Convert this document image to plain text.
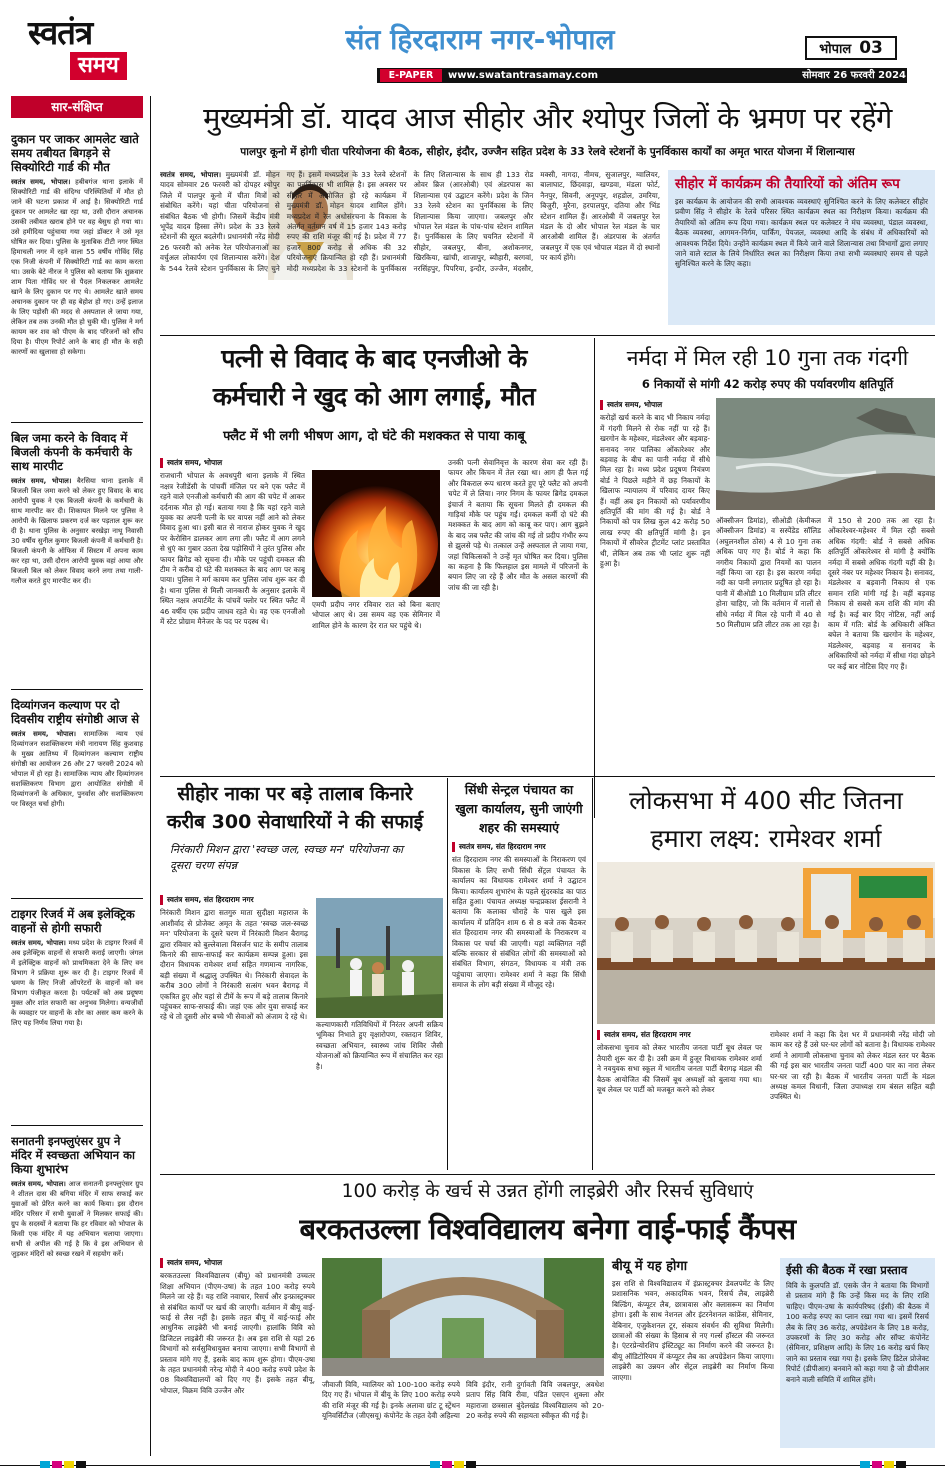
स्वतंत्र
समय
संत हिरदाराम नगर-भोपाल	भोपाल 03
E-PAPER	www.swatantrasamay.com	सोमवार 26 फरवरी 2024
सार-संक्षिप्त
दुकान पर जाकर आमलेट खाते समय तबीयत बिगड़ने से सिक्योरिटी गार्ड की मौत
स्वतंत्र समय, भोपाल। हबीबगंज थाना इलाके में सिक्योरिटी गार्ड की संदिग्ध परिस्थितियों में मौत हो जाने की घटना प्रकाश में आई है। सिक्योरिटी गार्ड दुकान पर आमलेट खा रहा था, उसी दौरान अचानक उसकी तबीयत खराब होने पर वह बेसुध हो गया था। उसे हमीदिया पहुंचाया गया जहां डॉक्टर ने उसे मृत घोषित कर दिया। पुलिस के मुताबिक टीटी नगर स्थित हिमाचली नगर में रहने वाला 55 वर्षीय गोविंद सिंह एक निजी कंपनी में सिक्योरिटी गार्ड का काम करता था। उसके बेटे नीरज ने पुलिस को बताया कि शुक्रवार शाम पिता गोविंद घर से पैदल निकलकर आमलेट खाने के लिए दुकान पर गए थे। आमलेट खाते समय अचानक दुकान पर ही वह बेहोश हो गए। उन्हें इलाज के लिए पड़ोसी की मदद से अस्पताल ले जाया गया, लेकिन तब तक उनकी मौत हो चुकी थी। पुलिस ने मर्ग कायम कर शव को पीएम के बाद परिजनों को सौंप दिया है। पीएम रिपोर्ट आने के बाद ही मौत के सही कारणों का खुलासा हो सकेगा।
बिल जमा करने के विवाद में बिजली कंपनी के कर्मचारी के साथ मारपीट
स्वतंत्र समय, भोपाल। बैरसिया थाना इलाके में बिजली बिल जमा करने को लेकर हुए विवाद के बाद आरोपी युवक ने एक बिजली कंपनी के कर्मचारी के साथ मारपीट कर दी। शिकायत मिलने पर पुलिस ने आरोपी के खिलाफ प्रकरण दर्ज कर पड़ताल शुरू कर दी है। थाना पुलिस के अनुसार बरखेड़ा नाथू निवासी 30 वर्षीय सुनील कुमार बिजली कंपनी में कर्मचारी है। बिजली कंपनी के ऑफिस में सिस्टम में अपना काम कर रहा था, उसी दौरान आरोपी युवक वहां आया और बिजली बिल को लेकर विवाद करने लगा तथा गाली-गलौज करते हुए मारपीट कर दी।
दिव्यांगजन कल्याण पर दो दिवसीय राष्ट्रीय संगोष्ठी आज से
स्वतंत्र समय, भोपाल। सामाजिक न्याय एवं दिव्यांगजन सशक्तिकरण मंत्री नारायण सिंह कुशवाह के मुख्य आतिथ्य में दिव्यांगजन कल्याण राष्ट्रीय संगोष्ठी का आयोजन 26 और 27 फरवरी 2024 को भोपाल में हो रहा है। सामाजिक न्याय और दिव्यांगजन सशक्तिकरण विभाग द्वारा आयोजित संगोष्ठी में दिव्यांगजनों के अधिकार, पुनर्वास और सशक्तिकरण पर विस्तृत चर्चा होगी।
टाइगर रिजर्व में अब इलेक्ट्रिक वाहनों से होगी सफारी
स्वतंत्र समय, भोपाल। मध्य प्रदेश के टाइगर रिजर्व में अब इलेक्ट्रिक वाहनों से सफारी कराई जाएगी। जंगल में इलेक्ट्रिक वाहनों को प्राथमिकता देने के लिए वन विभाग ने प्रक्रिया शुरू कर दी है। टाइगर रिजर्व में भ्रमण के लिए निजी ऑपरेटरों के वाहनों को वन विभाग पंजीकृत करता है। पर्यटकों को अब प्रदूषण मुक्त और शांत सफारी का अनुभव मिलेगा। वन्यजीवों के व्यवहार पर वाहनों के शोर का असर कम करने के लिए यह निर्णय लिया गया है।
सनातनी इनफ्लुएंसर ग्रुप ने मंदिर में स्वच्छता अभियान का किया शुभारंभ
स्वतंत्र समय, भोपाल। आज सनातनी इनफ्लुएंसर ग्रुप ने शीतल दास की बगिया मंदिर में साफ सफाई कर युवाओं को प्रेरित करने का कार्य किया। इस दौरान मंदिर परिसर में सभी युवाओं ने मिलकर सफाई की। ग्रुप के सदस्यों ने बताया कि हर रविवार को भोपाल के किसी एक मंदिर में यह अभियान चलाया जाएगा। सभी से अपील की गई है कि वे इस अभियान से जुड़कर मंदिरों को स्वच्छ रखने में सहयोग करें।
मुख्यमंत्री डॉ. यादव आज सीहोर और श्योपुर जिलों के भ्रमण पर रहेंगे
पालपुर कूनो में होगी चीता परियोजना की बैठक, सीहोर, इंदौर, उज्जैन सहित प्रदेश के 33 रेलवे स्टेशनों के पुनर्विकास कार्यों का अमृत भारत योजना में शिलान्यास

स्वतंत्र समय, भोपाल। मुख्यमंत्री डॉ. मोहन यादव सोमवार 26 फरवरी को दोपहर श्योपुर जिले में पालपुर कूनो में चीता मित्रों को संबोधित करेंगे। यहां चीता परियोजना से संबंधित बैठक भी होगी। जिसमें केंद्रीय मंत्री भूपेंद्र यादव हिस्सा लेंगे। प्रदेश के 33 रेलवे स्टेशनों की सूरत बदलेगी। प्रधानमंत्री नरेंद्र मोदी 26 फरवरी को अनेक रेल परियोजनाओं का वर्चुअल लोकार्पण एवं शिलान्यास करेंगे। देश के 544 रेलवे स्टेशन पुनर्विकास के लिए चुने गए हैं। इसमें मध्यप्रदेश के 33 रेलवे स्टेशनों का पुनर्विकास भी शामिल है। इस अवसर पर सीहोर में आयोजित हो रहे कार्यक्रम में मुख्यमंत्री डॉ. मोहन यादव शामिल होंगे। मध्यप्रदेश में रेल अधोसंरचना के विकास के अंतर्गत वर्तमान वर्ष में 15 हजार 143 करोड़ रुपए की राशि मंजूर की गई है। प्रदेश में 77 हजार 800 करोड़ से अधिक की 32 परियोजनाएं क्रियान्वित हो रही हैं। प्रधानमंत्री मोदी मध्यप्रदेश के 33 स्टेशनों के पुनर्विकास के लिए शिलान्यास के साथ ही 133 रोड ओवर ब्रिज (आरओबी) एवं अंडरपास का शिलान्यास एवं उद्घाटन करेंगे। प्रदेश के जिन 33 रेलवे स्टेशन का पुनर्विकास के लिए शिलान्यास किया जाएगा। जबलपुर और भोपाल रेल मंडल के पांच-पांच स्टेशन शामिल हैं। पुनर्विकास के लिए चयनित स्टेशनों में सीहोर, जबलपुर, बीना, अशोकनगर, खिरकिया, खांची, शाजापुर, ब्यौहारी, बरगवां, नरसिंहपुर, पिपरिया, इन्दौर, उज्जैन, मंदसौर, मक्सी, नागदा, नीमच, सुजालपुर, ग्वालियर, बालाघाट, छिंदवाड़ा, खण्डवा, मंडला फोर्ट, नैनपुर, सिवनी, अनूपपुर, शहडोल, उमरिया, बिजुरी, मुरैना, हरपालपुर, दतिया और भिंड स्टेशन शामिल हैं। आरओबी में जबलपुर रेल मंडल के दो और भोपाल रेल मंडल के चार आरओबी शामिल हैं। अंडरपास के अंतर्गत जबलपुर में एक एवं भोपाल मंडल में दो स्थानों पर कार्य होंगे।

सीहोर में कार्यक्रम की तैयारियों को अंतिम रूप
इस कार्यक्रम के आयोजन की सभी आवश्यक व्यवस्थाएं सुनिश्चित करने के लिए कलेक्टर सीहोर प्रवीण सिंह ने सीहोर के रेलवे परिसर स्थित कार्यक्रम स्थल का निरीक्षण किया। कार्यक्रम की तैयारियों को अंतिम रूप दिया गया। कार्यक्रम स्थल पर कलेक्टर ने मंच व्यवस्था, पंडाल व्यवस्था, बैठक व्यवस्था, आगमन-निर्गम, पार्किंग, पेयजल, व्यवस्था आदि के संबंध में अधिकारियों को आवश्यक निर्देश दिये। उन्होंने कार्यक्रम स्थल में किये जाने वाले शिलान्यास तथा विभागों द्वारा लगाए जाने वाले स्टाल के लिये निर्धारित स्थल का निरीक्षण किया तथा सभी व्यवस्थाएं समय से पहले सुनिश्चित करने के लिए कहा।
पत्नी से विवाद के बाद एनजीओ के
कर्मचारी ने खुद को आग लगाई, मौत
फ्लैट में भी लगी भीषण आग, दो घंटे की मशक्कत से पाया काबू
स्वतंत्र समय, भोपाल
राजधानी भोपाल के अवधपुरी थाना इलाके में स्थित नक्षत्र रेजीडेंसी के पांचवीं मंजिल पर बने एक फ्लैट में रहने वाले एनजीओ कर्मचारी की आग की चपेट में आकर दर्दनाक मौत हो गई। बताया गया है कि यहां रहने वाले युवक का अपनी पत्नी के घर वापस नहीं आने को लेकर विवाद हुआ था। इसी बात से नाराज होकर युवक ने खुद पर केरोसिन डालकर आग लगा ली। फ्लैट में आग लगने से धुएं का गुबार उठता देख पड़ोसियों ने तुरंत पुलिस और फायर ब्रिगेड को सूचना दी। मौके पर पहुंची दमकल की टीम ने करीब दो घंटे की मशक्कत के बाद आग पर काबू पाया। पुलिस ने मर्ग कायम कर पुलिस जांच शुरू कर दी है। थाना पुलिस से मिली जानकारी के अनुसार इलाके में स्थित नक्षत्र अपार्टमेंट के पांचवें फ्लोर पर स्थित फ्लैट में 46 वर्षीय एक प्रदीप जाधव रहते थे। वह एक एनजीओ में स्टेट प्रोग्राम मैनेजर के पद पर पदस्थ थे।
एमपी प्रदीप नगर रविवार रात को बिना बताए भोपाल आए थे। उस समय वह एक सेमिनार में शामिल होने के कारण देर रात घर पहुंचे थे।
उनकी पत्नी सेवानिवृत्त के कारण सेवा कर रही हैं। फायर और किचन में तेल रखा था। आग ही फैल गई और विकराल रूप धारण करते हुए पूरे फ्लैट को अपनी चपेट में ले लिया। नगर निगम के फायर ब्रिगेड दमकल इंचार्ज ने बताया कि सूचना मिलते ही दमकल की गाड़ियां मौके पर पहुंच गईं। दमकल कर्मी दो घंटे की मशक्कत के बाद आग को काबू कर पाए। आग बुझने के बाद जब फ्लैट की जांच की गई तो प्रदीप गंभीर रूप से झुलसे पड़े थे। तत्काल उन्हें अस्पताल ले जाया गया, जहां चिकित्सकों ने उन्हें मृत घोषित कर दिया। पुलिस का कहना है कि फिलहाल इस मामले में परिजनों के बयान लिए जा रहे हैं और मौत के असल कारणों की जांच की जा रही है।
नर्मदा में मिल रही 10 गुना तक गंदगी
6 निकायों से मांगी 42 करोड़ रुपए की पर्यावरणीय क्षतिपूर्ति
स्वतंत्र समय, भोपाल
करोड़ों खर्च करने के बाद भी निकाय नर्मदा में गंदगी मिलने से रोक नहीं पा रहे हैं। खरगोन के महेश्वर, मंडलेश्वर और बड़वाह-सनावद नगर पालिका ओंकारेश्वर और बड़वाह के बीच का पानी नर्मदा में सीधे मिल रहा है। मध्य प्रदेश प्रदूषण नियंत्रण बोर्ड ने पिछले महीने में छह निकायों के खिलाफ न्यायालय में परिवाद दायर किए हैं। वहीं अब इन निकायों को पर्यावरणीय क्षतिपूर्ति की मांग की गई है। बोर्ड ने निकायों को पत्र लिख कुल 42 करोड़ 50 लाख रुपए की क्षतिपूर्ति मांगी है। इन निकायों में सीवरेज ट्रीटमेंट प्लांट प्रस्तावित थी, लेकिन अब तक भी प्लांट शुरू नहीं हुआ है।
ऑक्सीजन डिमांड), सीओडी (केमीकल ऑक्सीजन डिमांड) व सस्पेंडेड सॉलिड (अघुलनशील ठोस) 4 से 10 गुना तक अधिक पाए गए हैं। बोर्ड ने कहा कि नगरीय निकायों द्वारा नियमों का पालन नहीं किया जा रहा है। इस कारण नर्मदा नदी का पानी लगातार प्रदूषित हो रहा है। पानी में बीओडी 10 मिलीग्राम प्रति लीटर होना चाहिए, जो कि वर्तमान में नालों से सीधे नर्मदा में मिल रहे पानी में 40 से 50 मिलीग्राम प्रति लीटर तक आ रहा है।
में 150 से 200 तक आ रहा है। ओंकारेश्वर-महेश्वर में मिल रही सबसे अधिक गंदगी: बोर्ड ने सबसे अधिक क्षतिपूर्ति ओंकारेश्वर से मांगी है क्योंकि नर्मदा में सबसे अधिक गंदगी यहीं की है। दूसरे नंबर पर महेश्वर निकाय है। सनावद, मंडलेश्वर व बड़वानी निकाय से एक समान राशि मांगी गई है। वहीं बड़वाह निकाय से सबसे कम राशि की मांग की गई है। कई बार दिए नोटिस, नहीं आई काम में गति: बोर्ड के अधिकारी अंकित बघेल ने बताया कि खरगोन के महेश्वर, मंडलेश्वर, बड़वाह व सनावद के अधिकारियों को नर्मदा में सीधा गंदा छोड़ने पर कई बार नोटिस दिए गए हैं।
सीहोर नाका पर बड़े तालाब किनारे करीब 300 सेवाधारियों ने की सफाई
निरंकारी मिशन द्वारा 'स्वच्छ जल, स्वच्छ मन' परियोजना का दूसरा चरण संपन्न
स्वतंत्र समय, संत हिरदाराम नगर
निरंकारी मिशन द्वारा सतगुरु माता सुदीक्षा महाराज के आशीर्वाद से प्रोजेक्ट अमृत के तहत 'स्वच्छ जल-स्वच्छ मन' परियोजना के दूसरे चरण में निरंकारी मिशन बैरागढ़ द्वारा रविवार को बुल्लेवाला विसर्जन घाट के समीप तालाब किनारे की साफ-सफाई कर कार्यक्रम सम्पन्न हुआ। इस दौरान विधायक रामेश्वर शर्मा सहित गणमान्य नागरिक, बड़ी संख्या में श्रद्धालु उपस्थित थे। निरंकारी सेवादल के करीब 300 लोगों ने निरंकारी सत्संग भवन बैरागढ़ में एकत्रित हुए और यहां से टीमें के रूप में बड़े तालाब किनारे पहुंचकर साफ-सफाई की। जहां एक ओर युवा सफाई कर रहे थे तो दूसरी ओर बच्चे भी सेवाओं को अंजाम दे रहे थे।
कल्याणकारी गतिविधियों में निरंतर अपनी सक्रिय भूमिका निभाते हुए वृक्षारोपण, रक्तदान शिविर, स्वच्छता अभियान, स्वास्थ्य जांच शिविर जैसी योजनाओं को क्रियान्वित रूप में संचालित कर रहा है।
सिंधी सेन्ट्रल पंचायत का खुला कार्यालय, सुनी जाएंगी शहर की समस्याएं
स्वतंत्र समय, संत हिरदाराम नगर
संत हिरदाराम नगर की समस्याओं के निराकरण एवं विकास के लिए सभी सिंधी सेंट्रल पंचायत के कार्यालय का विधायक रामेश्वर शर्मा ने उद्घाटन किया। कार्यालय शुभारंभ के पहले सुंदरकांड का पाठ सहित हुआ। पंचायत अध्यक्ष चन्द्रप्रकाश ईसरानी ने बताया कि कलाका चौराहे के पास खुले इस कार्यालय में प्रतिदिन शाम 6 से 8 बजे तक बैठकर संत हिरदाराम नगर की समस्याओं के निराकरण व विकास पर चर्चा की जाएगी। यहां व्यक्तिगत नहीं बल्कि सरकार से संबंधित लोगों की समस्याओं को संबंधित विभाग, संगठन, विधायक व मंत्री तक पहुंचाया जाएगा। रामेश्वर शर्मा ने कहा कि सिंधी समाज के लोग बड़ी संख्या में मौजूद रहे।
लोकसभा में 400 सीट जितना
हमारा लक्ष्य: रामेश्वर शर्मा
स्वतंत्र समय, संत हिरदाराम नगर
लोकसभा चुनाव को लेकर भारतीय जनता पार्टी बूथ लेवल पर तैयारी शुरू कर दी है। उसी क्रम में हुजूर विधायक रामेश्वर शर्मा ने नवयुवक सभा स्कूल में भारतीय जनता पार्टी बैरागढ़ मंडल की बैठक आयोजित की जिसमें बूथ अध्यक्षों को बुलाया गया था। बूथ लेवल पर पार्टी को मजबूत करने को लेकर
रामेश्वर शर्मा ने कहा कि देश भर में प्रधानमंत्री नरेंद्र मोदी जो काम कर रहे हैं उसे घर-घर लोगों को बताना है। विधायक रामेश्वर शर्मा ने आगामी लोकसभा चुनाव को लेकर मंडल स्तर पर बैठक की गई इस बार भारतीय जनता पार्टी 400 पार का नारा लेकर घर-घर जा रही है। बैठक में भारतीय जनता पार्टी के मंडल अध्यक्ष कमल विधानी, जिला उपाध्यक्ष राम बंसल सहित बड़ी उपस्थित थे।
100 करोड़ के खर्च से उन्नत होंगी लाइब्रेरी और रिसर्च सुविधाएं
बरकतउल्ला विश्वविद्यालय बनेगा वाई-फाई कैंपस
स्वतंत्र समय, भोपाल
बरकतउल्ला विश्वविद्यालय (बीयू) को प्रधानमंत्री उच्चतर शिक्षा अभियान (पीएम-उषा) के तहत 100 करोड़ रुपये मिलने जा रहे हैं। यह राशि नवाचार, रिसर्च और इन्फ्रास्ट्रक्चर से संबंधित कार्यों पर खर्च की जाएगी। वर्तमान में बीयू वाई-फाई से लैस नहीं है। इसके तहत बीयू में वाई-फाई और आधुनिक लाइब्रेरी भी बनाई जाएगी। हालांकि विवि को डिजिटल लाइब्रेरी की जरूरत है। अब इस राशि से यहां 26 विभागों को सर्वसुविधायुक्त बनाया जाएगा। सभी विभागों से प्रस्ताव मांगे गए हैं, इसके बाद काम शुरू होगा। पीएम-उषा के तहत प्रधानमंत्री नरेन्द्र मोदी ने 400 करोड़ रुपये प्रदेश के 08 विश्वविद्यालयों को दिए गए हैं। इसके तहत बीयू, भोपाल, विक्रम विवि उज्जैन और
जीवाजी विवि, ग्वालियर को 100-100 करोड़ रुपये दिए गए हैं। भोपाल में बीयू के लिए 100 करोड़ रुपये की राशि मंजूर की गई है। इनके अलावा ग्रांट टू स्ट्रेंथन यूनिवर्सिटीज (जीएसयू) कंपोनेंट के तहत देवी अहिल्या
विवि इंदौर, रानी दुर्गावती विवि जबलपुर, अवधेश प्रताप सिंह विवि रीवा, पंडित एसएन शुक्ला और महाराजा छत्रसाल बुंदेलखंड विश्वविद्यालय को 20-20 करोड़ रुपये की सहायता स्वीकृत की गई है।
बीयू में यह होगा
इस राशि से विश्वविद्यालय में इंफ्रास्ट्रक्चर डेवलपमेंट के लिए प्रशासनिक भवन, अकादमिक भवन, रिसर्च लैब, लाइब्रेरी बिल्डिंग, कंप्यूटर लैब, छात्रावास और क्लासरूम का निर्माण होगा। इसी के साथ नेशनल और इंटरनेशनल कांफ्रेंस, सेमिनार, वेबिनार, एजुकेशनल टूर, संकाय संवर्धन की सुविधा मिलेगी। छात्राओं की संख्या के हिसाब से नए गर्ल्स हॉस्टल की जरूरत है। एंटरप्रेन्योरशिप इंस्टिट्यूट का निर्माण करने की जरूरत है। बीयू ऑडिटोरियम में कंप्यूटर लैब का अपग्रेडेशन किया जाएगा। लाइब्रेरी का उन्नयन और सेंट्रल लाइब्रेरी का निर्माण किया जाएगा।
ईसी की बैठक में रखा प्रस्ताव
विवि के कुलपति डॉ. एसके जैन ने बताया कि विभागों से प्रस्ताव मांगे हैं कि उन्हें किस मद के लिए राशि चाहिए। पीएम-उषा के कार्यपरिषद (ईसी) की बैठक में 100 करोड़ रुपए का प्लान रखा गया था। इसमें रिसर्च लैब के लिए 36 करोड़, अपग्रेडेशन के लिए 18 करोड़, उपकरणों के लिए 30 करोड़ और सॉफ्ट कंपोनेंट (सेमिनार, प्रशिक्षण आदि) के लिए 16 करोड़ खर्च किए जाने का प्रस्ताव रखा गया है। इसके लिए डिटेल प्रोजेक्ट रिपोर्ट (डीपीआर) बनवाने को कहा गया है जो डीपीआर बनाने वाली समिति में शामिल होंगे।
